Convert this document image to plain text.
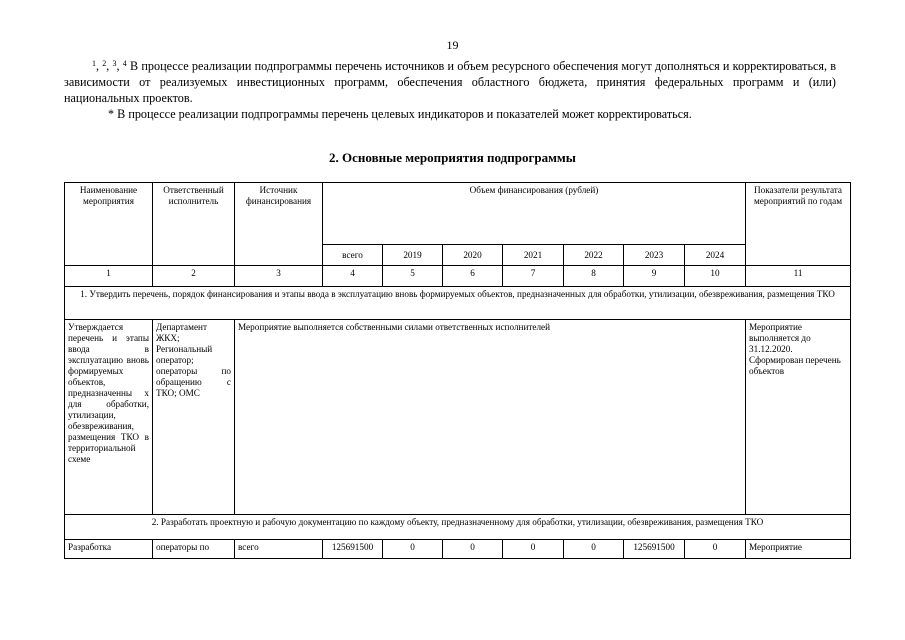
19

$^1$, $^2$, $^3$, $^4$ В процессе реализации подпрограммы перечень источников и объем ресурсного обеспечения могут дополняться и корректироваться, в зависимости от реализуемых инвестиционных программ, обеспечения областного бюджета, принятия федеральных программ и (или) национальных проектов.

* В процессе реализации подпрограммы перечень целевых индикаторов и показателей может корректироваться.

2. Основные мероприятия подпрограммы
Наименование мероприятия	Ответственный исполнитель	Источник финансирования	Объем финансирования (рублей)							Показатели результата мероприятий по годам
			всего	2019	2020	2021	2022	2023	2024	
1	2	3	4	5	6	7	8	9	10	11
1. Утвердить перечень, порядок финансирования и этапы ввода в эксплуатацию вновь формируемых объектов, предназначенных для обработки, утилизации, обезвреживания, размещения ТКО										
Утверждается перечень и этапы ввода в эксплуатацию вновь формируемых объектов, предназначенны х для обработки, утилизации, обезвреживания, размещения ТКО в территориальной схеме	Департамент ЖКХ; Региональный оператор; операторы по обращению с ТКО; ОМС	Мероприятие выполняется собственными силами ответственных исполнителей								Мероприятие выполняется до 31.12.2020. Сформирован перечень объектов
2. Разработать проектную и рабочую документацию по каждому объекту, предназначенному для обработки, утилизации, обезвреживания, размещения ТКО										
Разработка	операторы по	всего	125691500	0	0	0	0	125691500	0	Мероприятие
